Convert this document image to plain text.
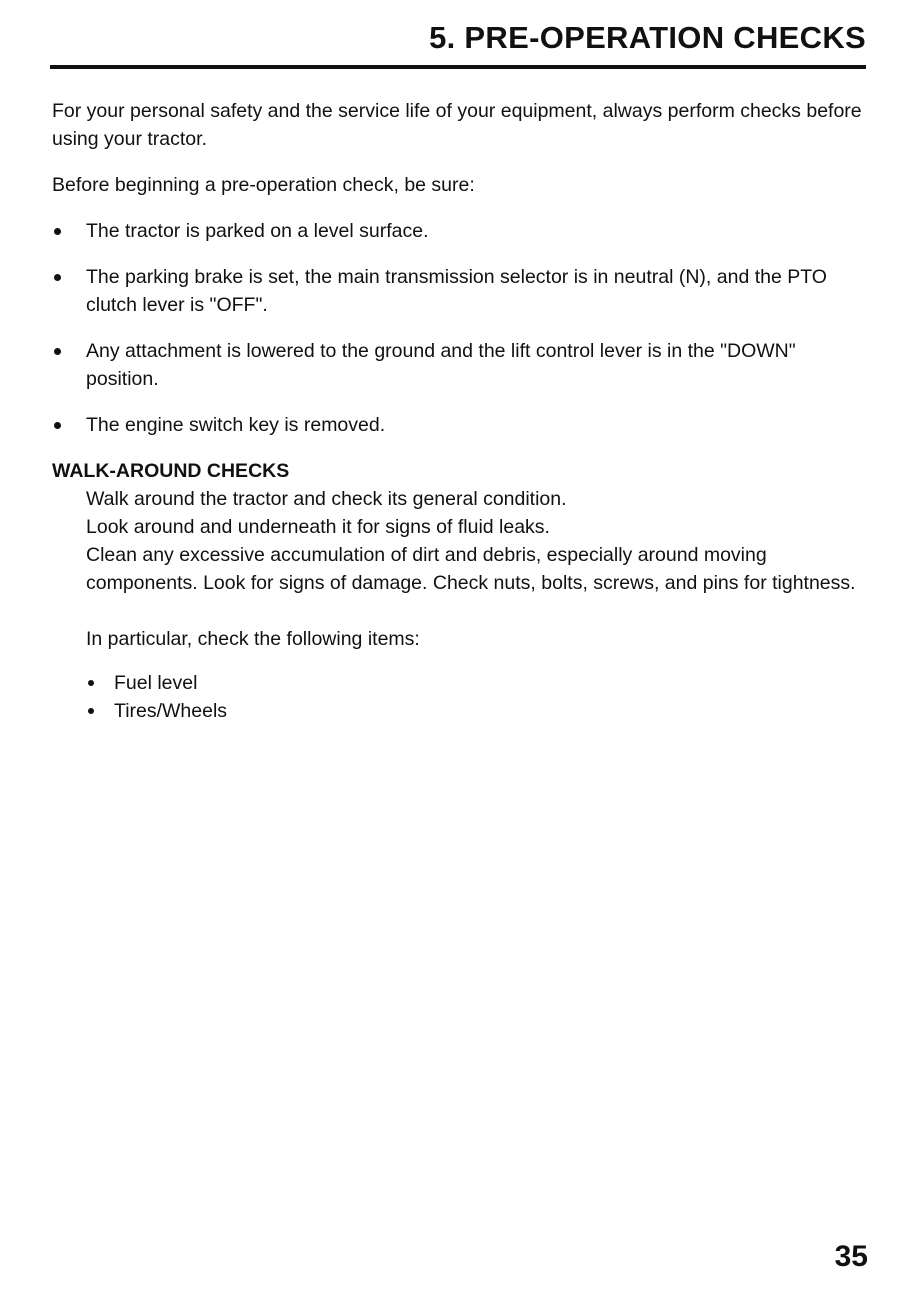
5. PRE-OPERATION CHECKS

For your personal safety and the service life of your equipment, always perform checks before using your tractor.

Before beginning a pre-operation check, be sure:

The tractor is parked on a level surface.
The parking brake is set, the main transmission selector is in neutral (N), and the PTO clutch lever is "OFF".
Any attachment is lowered to the ground and the lift control lever is in the "DOWN" position.
The engine switch key is removed.
WALK-AROUND CHECKS

Walk around the tractor and check its general condition.
Look around and underneath it for signs of fluid leaks.
Clean any excessive accumulation of dirt and debris, especially around moving components. Look for signs of damage. Check nuts, bolts, screws, and pins for tightness.

In particular, check the following items:

Fuel level
Tires/Wheels

35
